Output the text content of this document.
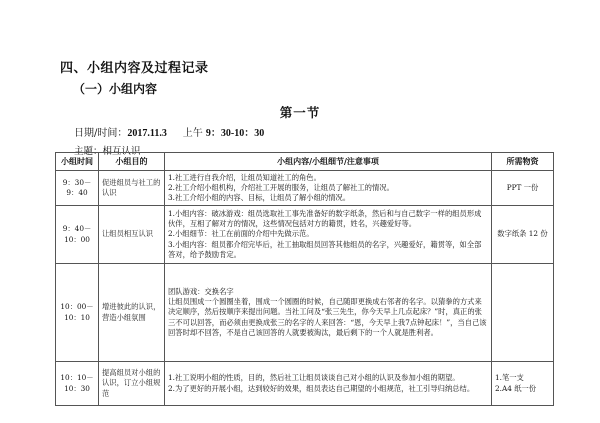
四、小组内容及过程记录
（一）小组内容
第一节
日期/时间：2017.11.3 上午 9：30-10：30
主题：相互认识
小组时间	小组目的	小组内容/小组细节/注意事项	所需物资
9：30－9：40	促进组员与社工的认识	1.社工进行自我介绍，让组员知道社工的角色。
2.社工介绍小组机构，介绍社工开展的服务，让组员了解社工的情况。
3.社工介绍小组的内容、目标，让组员了解小组的情况。	PPT 一份
9：40－10：00	让组员相互认识	1.小组内容：破冰游戏：组员选取社工事先准备好的数字纸条，然后和与自己数字一样的组员形成伙伴，互相了解对方的情况，这些情况包括对方的籍贯，姓名，兴趣爱好等。
2.小组细节：社工在前面的介绍中先做示范。
3.小组内容：组员都介绍完毕后，社工抽取组员回答其他组员的名字，兴趣爱好，籍贯等，如全部答对，给予鼓励肯定。	数字纸条 12 份
10：00－10：10	增进彼此的认识，营造小组氛围	团队游戏：交换名字
让组员围成一个圆圈坐着，围成一个圆圈的时候，自己随即更换成右邻者的名字。以猜拳的方式来决定顺序，然后按顺序来提出问题。当社工问及“张三先生，你今天早上几点起床？”时，真正的张三不可以回答，而必须由更换成张三的名字的人来回答：“恩，今天早上我7点钟起床！”，当自己该回答时却不回答，不是自己该回答的人就要被淘汰，最后剩下的一个人就是胜利者。	

10：10－10：30	提高组员对小组的认识，订立小组规范	1.社工说明小组的性质，目的，然后社工让组员谈谈自己对小组的认识及参加小组的期望。
2.为了更好的开展小组，达到较好的效果，组员表达自己期望的小组规范，社工引导归纳总结。	1.笔一支
2.A4 纸一份
